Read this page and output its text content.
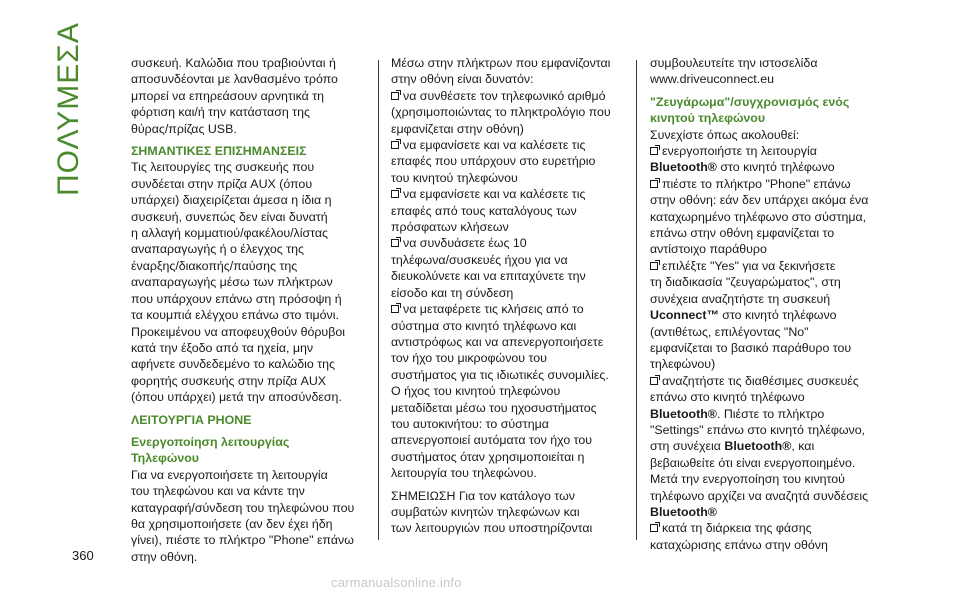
ΠΟΛΥΜΕΣΑ
360
συσκευή. Καλώδια που τραβιούνται ή
αποσυνδέονται με λανθασμένο τρόπο
μπορεί να επηρεάσουν αρνητικά τη
φόρτιση και/ή την κατάσταση της
θύρας/πρίζας USB.
ΣΗΜΑΝΤΙΚΕΣ ΕΠΙΣΗΜΑΝΣΕΙΣ
Τις λειτουργίες της συσκευής που
συνδέεται στην πρίζα AUX (όπου
υπάρχει) διαχειρίζεται άμεσα η ίδια η
συσκευή, συνεπώς δεν είναι δυνατή
η αλλαγή κομματιού/φακέλου/λίστας
αναπαραγωγής ή ο έλεγχος της
έναρξης/διακοπής/παύσης της
αναπαραγωγής μέσω των πλήκτρων
που υπάρχουν επάνω στη πρόσοψη ή
τα κουμπιά ελέγχου επάνω στο τιμόνι.
Προκειμένου να αποφευχθούν θόρυβοι
κατά την έξοδο από τα ηχεία, μην
αφήνετε συνδεδεμένο το καλώδιο της
φορητής συσκευής στην πρίζα AUX
(όπου υπάρχει) μετά την αποσύνδεση.
ΛΕΙΤΟΥΡΓΙΑ PHONE
Ενεργοποίηση λειτουργίας
Τηλεφώνου
Για να ενεργοποιήσετε τη λειτουργία
του τηλεφώνου και να κάντε την
καταγραφή/σύνδεση του τηλεφώνου που
θα χρησιμοποιήσετε (αν δεν έχει ήδη
γίνει), πιέστε το πλήκτρο "Phone" επάνω
στην οθόνη.
Μέσω στην πλήκτρων που εμφανίζονται
στην οθόνη είναι δυνατόν:
να συνθέσετε τον τηλεφωνικό αριθμό
(χρησιμοποιώντας το πληκτρολόγιο που
εμφανίζεται στην οθόνη)
να εμφανίσετε και να καλέσετε τις
επαφές που υπάρχουν στο ευρετήριο
του κινητού τηλεφώνου
να εμφανίσετε και να καλέσετε τις
επαφές από τους καταλόγους των
πρόσφατων κλήσεων
να συνδυάσετε έως 10
τηλέφωνα/συσκευές ήχου για να
διευκολύνετε και να επιταχύνετε την
είσοδο και τη σύνδεση
να μεταφέρετε τις κλήσεις από το
σύστημα στο κινητό τηλέφωνο και
αντιστρόφως και να απενεργοποιήσετε
τον ήχο του μικροφώνου του
συστήματος για τις ιδιωτικές συνομιλίες.
Ο ήχος του κινητού τηλεφώνου
μεταδίδεται μέσω του ηχοσυστήματος
του αυτοκινήτου: το σύστημα
απενεργοποιεί αυτόματα τον ήχο του
συστήματος όταν χρησιμοποιείται η
λειτουργία του τηλεφώνου.
ΣΗΜΕΙΩΣΗ Για τον κατάλογο των
συμβατών κινητών τηλεφώνων και
των λειτουργιών που υποστηρίζονται
συμβουλευτείτε την ιστοσελίδα
www.driveuconnect.eu
"Ζευγάρωμα"/συγχρονισμός ενός
κινητού τηλεφώνου
Συνεχίστε όπως ακολουθεί:
ενεργοποιήστε τη λειτουργία
Bluetooth® στο κινητό τηλέφωνο
πιέστε το πλήκτρο "Phone" επάνω
στην οθόνη: εάν δεν υπάρχει ακόμα ένα
καταχωρημένο τηλέφωνο στο σύστημα,
επάνω στην οθόνη εμφανίζεται το
αντίστοιχο παράθυρο
επιλέξτε "Yes" για να ξεκινήσετε
τη διαδικασία "ζευγαρώματος", στη
συνέχεια αναζητήστε τη συσκευή
Uconnect™ στο κινητό τηλέφωνο
(αντιθέτως, επιλέγοντας "No"
εμφανίζεται το βασικό παράθυρο του
τηλεφώνου)
αναζητήστε τις διαθέσιμες συσκευές
επάνω στο κινητό τηλέφωνο
Bluetooth®. Πιέστε το πλήκτρο
"Settings" επάνω στο κινητό τηλέφωνο,
στη συνέχεια Bluetooth®, και
βεβαιωθείτε ότι είναι ενεργοποιημένο.
Μετά την ενεργοποίηση του κινητού
τηλέφωνο αρχίζει να αναζητά συνδέσεις
Bluetooth®
κατά τη διάρκεια της φάσης
καταχώρισης επάνω στην οθόνη
carmanualsonline.info
